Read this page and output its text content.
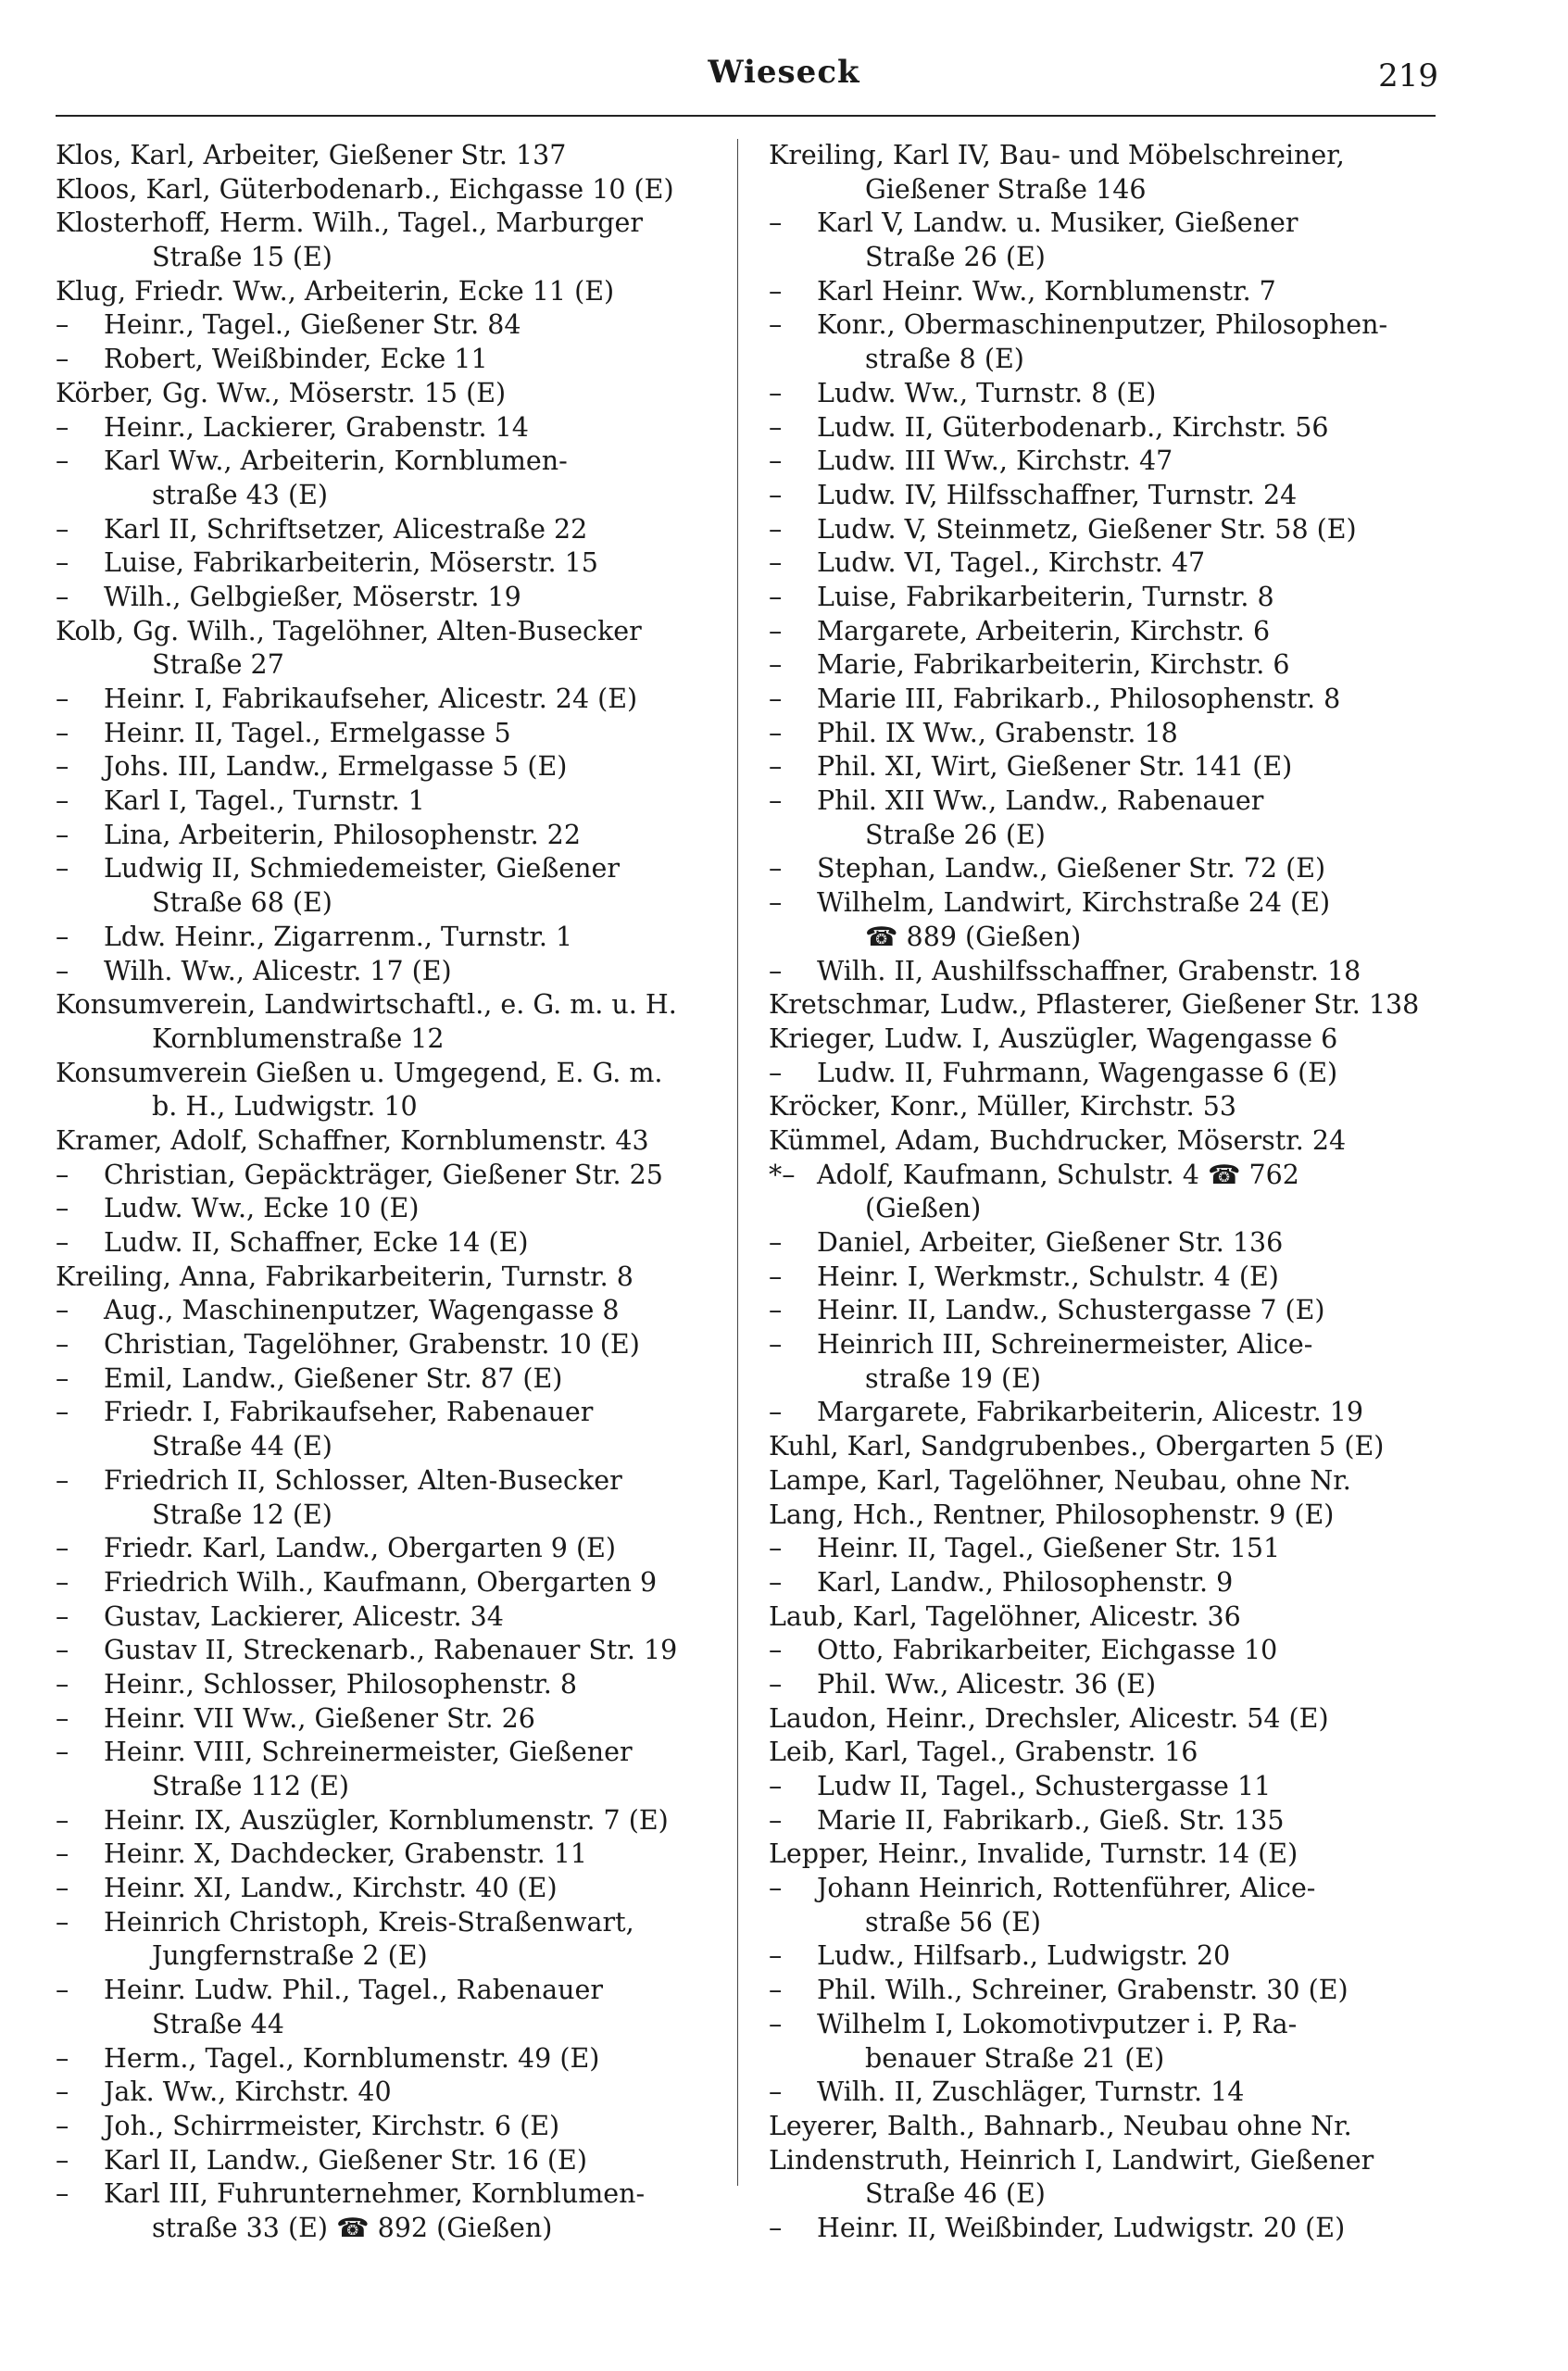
Wieseck	219
Klos, Karl, Arbeiter, Gießener Str. 137
Kloos, Karl, Güterbodenarb., Eichgasse 10 (E)
Klosterhoff, Herm. Wilh., Tagel., Marburger
Straße 15 (E)
Klug, Friedr. Ww., Arbeiterin, Ecke 11 (E)
– Heinr., Tagel., Gießener Str. 84
– Robert, Weißbinder, Ecke 11
Körber, Gg. Ww., Möserstr. 15 (E)
– Heinr., Lackierer, Grabenstr. 14
– Karl Ww., Arbeiterin, Kornblumen-
straße 43 (E)
– Karl II, Schriftsetzer, Alicestraße 22
– Luise, Fabrikarbeiterin, Möserstr. 15
– Wilh., Gelbgießer, Möserstr. 19
Kolb, Gg. Wilh., Tagelöhner, Alten-Busecker
Straße 27
– Heinr. I, Fabrikaufseher, Alicestr. 24 (E)
– Heinr. II, Tagel., Ermelgasse 5
– Johs. III, Landw., Ermelgasse 5 (E)
– Karl I, Tagel., Turnstr. 1
– Lina, Arbeiterin, Philosophenstr. 22
– Ludwig II, Schmiedemeister, Gießener
Straße 68 (E)
– Ldw. Heinr., Zigarrenm., Turnstr. 1
– Wilh. Ww., Alicestr. 17 (E)
Konsumverein, Landwirtschaftl., e. G. m. u. H.
Kornblumenstraße 12
Konsumverein Gießen u. Umgegend, E. G. m.
b. H., Ludwigstr. 10
Kramer, Adolf, Schaffner, Kornblumenstr. 43
– Christian, Gepäckträger, Gießener Str. 25
– Ludw. Ww., Ecke 10 (E)
– Ludw. II, Schaffner, Ecke 14 (E)
Kreiling, Anna, Fabrikarbeiterin, Turnstr. 8
– Aug., Maschinenputzer, Wagengasse 8
– Christian, Tagelöhner, Grabenstr. 10 (E)
– Emil, Landw., Gießener Str. 87 (E)
– Friedr. I, Fabrikaufseher, Rabenauer
Straße 44 (E)
– Friedrich II, Schlosser, Alten-Busecker
Straße 12 (E)
– Friedr. Karl, Landw., Obergarten 9 (E)
– Friedrich Wilh., Kaufmann, Obergarten 9
– Gustav, Lackierer, Alicestr. 34
– Gustav II, Streckenarb., Rabenauer Str. 19
– Heinr., Schlosser, Philosophenstr. 8
– Heinr. VII Ww., Gießener Str. 26
– Heinr. VIII, Schreinermeister, Gießener
Straße 112 (E)
– Heinr. IX, Auszügler, Kornblumenstr. 7 (E)
– Heinr. X, Dachdecker, Grabenstr. 11
– Heinr. XI, Landw., Kirchstr. 40 (E)
– Heinrich Christoph, Kreis-Straßenwart,
Jungfernstraße 2 (E)
– Heinr. Ludw. Phil., Tagel., Rabenauer
Straße 44
– Herm., Tagel., Kornblumenstr. 49 (E)
– Jak. Ww., Kirchstr. 40
– Joh., Schirrmeister, Kirchstr. 6 (E)
– Karl II, Landw., Gießener Str. 16 (E)
– Karl III, Fuhrunternehmer, Kornblumen-
straße 33 (E) ☎ 892 (Gießen)
Kreiling, Karl IV, Bau- und Möbelschreiner,
Gießener Straße 146
– Karl V, Landw. u. Musiker, Gießener
Straße 26 (E)
– Karl Heinr. Ww., Kornblumenstr. 7
– Konr., Obermaschinenputzer, Philosophen-
straße 8 (E)
– Ludw. Ww., Turnstr. 8 (E)
– Ludw. II, Güterbodenarb., Kirchstr. 56
– Ludw. III Ww., Kirchstr. 47
– Ludw. IV, Hilfsschaffner, Turnstr. 24
– Ludw. V, Steinmetz, Gießener Str. 58 (E)
– Ludw. VI, Tagel., Kirchstr. 47
– Luise, Fabrikarbeiterin, Turnstr. 8
– Margarete, Arbeiterin, Kirchstr. 6
– Marie, Fabrikarbeiterin, Kirchstr. 6
– Marie III, Fabrikarb., Philosophenstr. 8
– Phil. IX Ww., Grabenstr. 18
– Phil. XI, Wirt, Gießener Str. 141 (E)
– Phil. XII Ww., Landw., Rabenauer
Straße 26 (E)
– Stephan, Landw., Gießener Str. 72 (E)
– Wilhelm, Landwirt, Kirchstraße 24 (E)
☎ 889 (Gießen)
– Wilh. II, Aushilfsschaffner, Grabenstr. 18
Kretschmar, Ludw., Pflasterer, Gießener Str. 138
Krieger, Ludw. I, Auszügler, Wagengasse 6
– Ludw. II, Fuhrmann, Wagengasse 6 (E)
Kröcker, Konr., Müller, Kirchstr. 53
Kümmel, Adam, Buchdrucker, Möserstr. 24
*– Adolf, Kaufmann, Schulstr. 4 ☎ 762
(Gießen)
– Daniel, Arbeiter, Gießener Str. 136
– Heinr. I, Werkmstr., Schulstr. 4 (E)
– Heinr. II, Landw., Schustergasse 7 (E)
– Heinrich III, Schreinermeister, Alice-
straße 19 (E)
– Margarete, Fabrikarbeiterin, Alicestr. 19
Kuhl, Karl, Sandgrubenbes., Obergarten 5 (E)
Lampe, Karl, Tagelöhner, Neubau, ohne Nr.
Lang, Hch., Rentner, Philosophenstr. 9 (E)
– Heinr. II, Tagel., Gießener Str. 151
– Karl, Landw., Philosophenstr. 9
Laub, Karl, Tagelöhner, Alicestr. 36
– Otto, Fabrikarbeiter, Eichgasse 10
– Phil. Ww., Alicestr. 36 (E)
Laudon, Heinr., Drechsler, Alicestr. 54 (E)
Leib, Karl, Tagel., Grabenstr. 16
– Ludw II, Tagel., Schustergasse 11
– Marie II, Fabrikarb., Gieß. Str. 135
Lepper, Heinr., Invalide, Turnstr. 14 (E)
– Johann Heinrich, Rottenführer, Alice-
straße 56 (E)
– Ludw., Hilfsarb., Ludwigstr. 20
– Phil. Wilh., Schreiner, Grabenstr. 30 (E)
– Wilhelm I, Lokomotivputzer i. P, Ra-
benauer Straße 21 (E)
– Wilh. II, Zuschläger, Turnstr. 14
Leyerer, Balth., Bahnarb., Neubau ohne Nr.
Lindenstruth, Heinrich I, Landwirt, Gießener
Straße 46 (E)
– Heinr. II, Weißbinder, Ludwigstr. 20 (E)
